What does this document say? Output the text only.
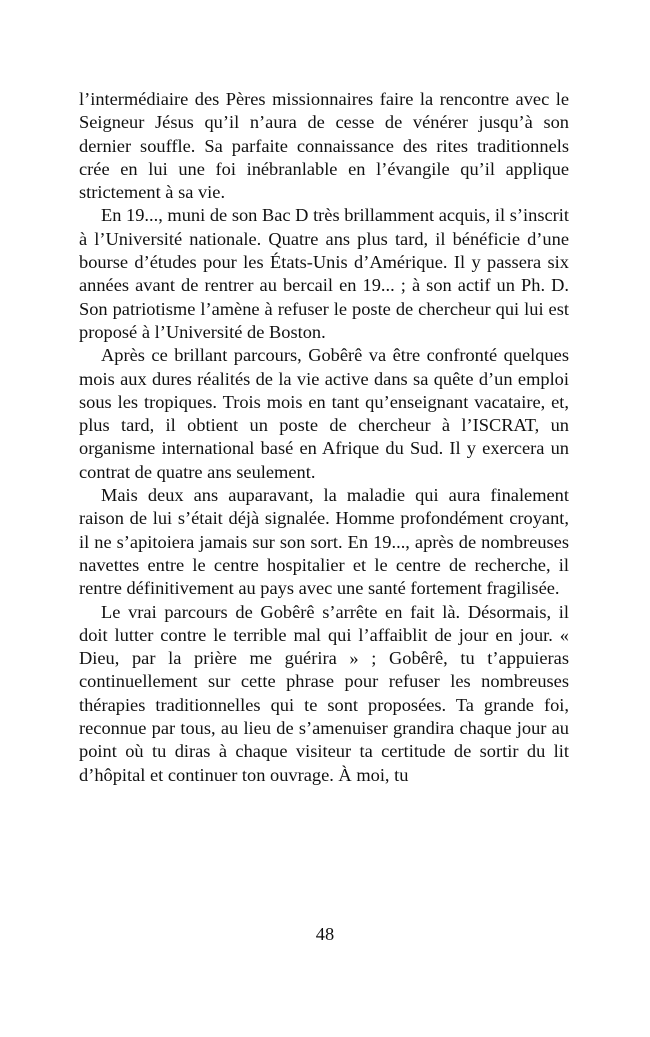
l’intermédiaire des Pères missionnaires faire la rencontre avec le Seigneur Jésus qu’il n’aura de cesse de vénérer jusqu’à son dernier souffle. Sa parfaite connaissance des rites traditionnels crée en lui une foi inébranlable en l’évangile qu’il applique strictement à sa vie.

En 19..., muni de son Bac D très brillamment acquis, il s’inscrit à l’Université nationale. Quatre ans plus tard, il bénéficie d’une bourse d’études pour les États-Unis d’Amérique. Il y passera six années avant de rentrer au bercail en 19... ; à son actif un Ph. D. Son patriotisme l’amène à refuser le poste de chercheur qui lui est proposé à l’Université de Boston.

Après ce brillant parcours, Gobêrê va être confronté quelques mois aux dures réalités de la vie active dans sa quête d’un emploi sous les tropiques. Trois mois en tant qu’enseignant vacataire, et, plus tard, il obtient un poste de chercheur à l’ISCRAT, un organisme international basé en Afrique du Sud. Il y exercera un contrat de quatre ans seulement.

Mais deux ans auparavant, la maladie qui aura finalement raison de lui s’était déjà signalée. Homme profondément croyant, il ne s’apitoiera jamais sur son sort. En 19..., après de nombreuses navettes entre le centre hospitalier et le centre de recherche, il rentre définitivement au pays avec une santé fortement fragilisée.

Le vrai parcours de Gobêrê s’arrête en fait là. Désormais, il doit lutter contre le terrible mal qui l’affaiblit de jour en jour. « Dieu, par la prière me guérira » ; Gobêrê, tu t’appuieras continuellement sur cette phrase pour refuser les nombreuses thérapies traditionnelles qui te sont proposées. Ta grande foi, reconnue par tous, au lieu de s’amenuiser grandira chaque jour au point où tu diras à chaque visiteur ta certitude de sortir du lit d’hôpital et continuer ton ouvrage. À moi, tu

48
